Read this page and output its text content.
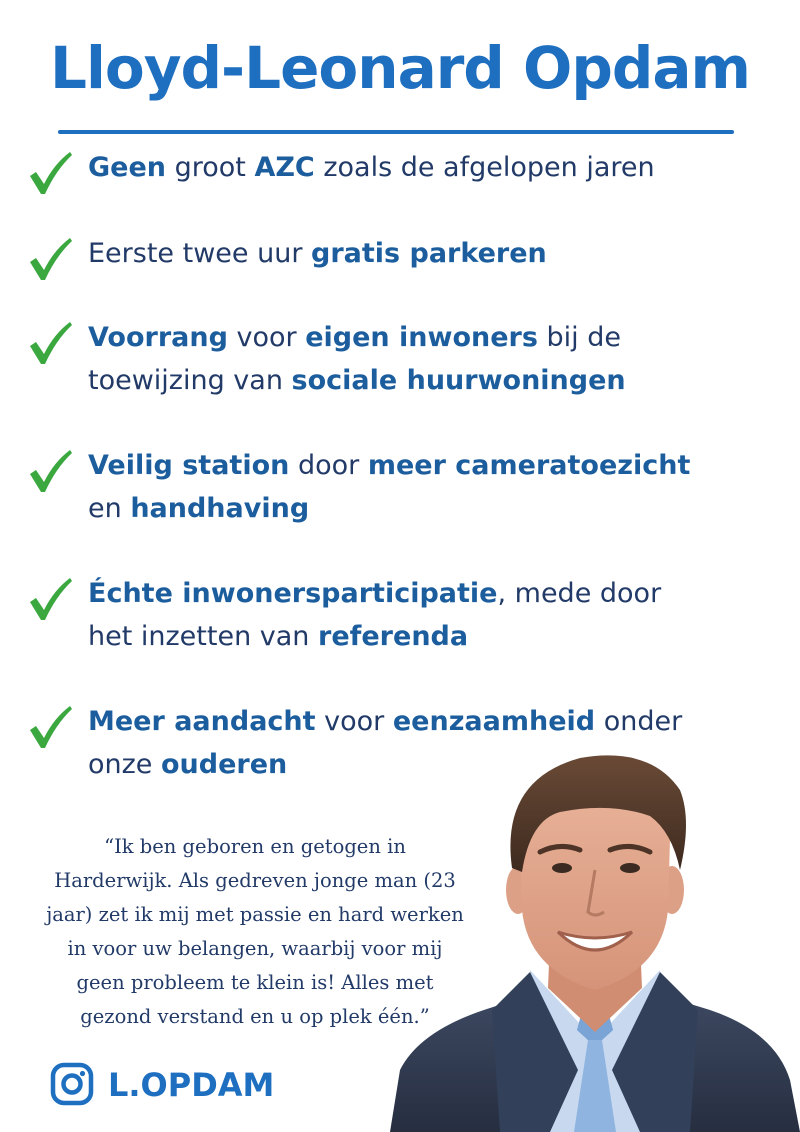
Lloyd-Leonard Opdam
Geen groot AZC zoals de afgelopen jaren
Eerste twee uur gratis parkeren
Voorrang voor eigen inwoners bij de
toewijzing van sociale huurwoningen
Veilig station door meer cameratoezicht
en handhaving
Échte inwonersparticipatie, mede door
het inzetten van referenda
Meer aandacht voor eenzaamheid onder
onze ouderen
“Ik ben geboren en getogen in
Harderwijk. Als gedreven jonge man (23
jaar) zet ik mij met passie en hard werken
in voor uw belangen, waarbij voor mij
geen probleem te klein is! Alles met
gezond verstand en u op plek één.”
L.OPDAM
